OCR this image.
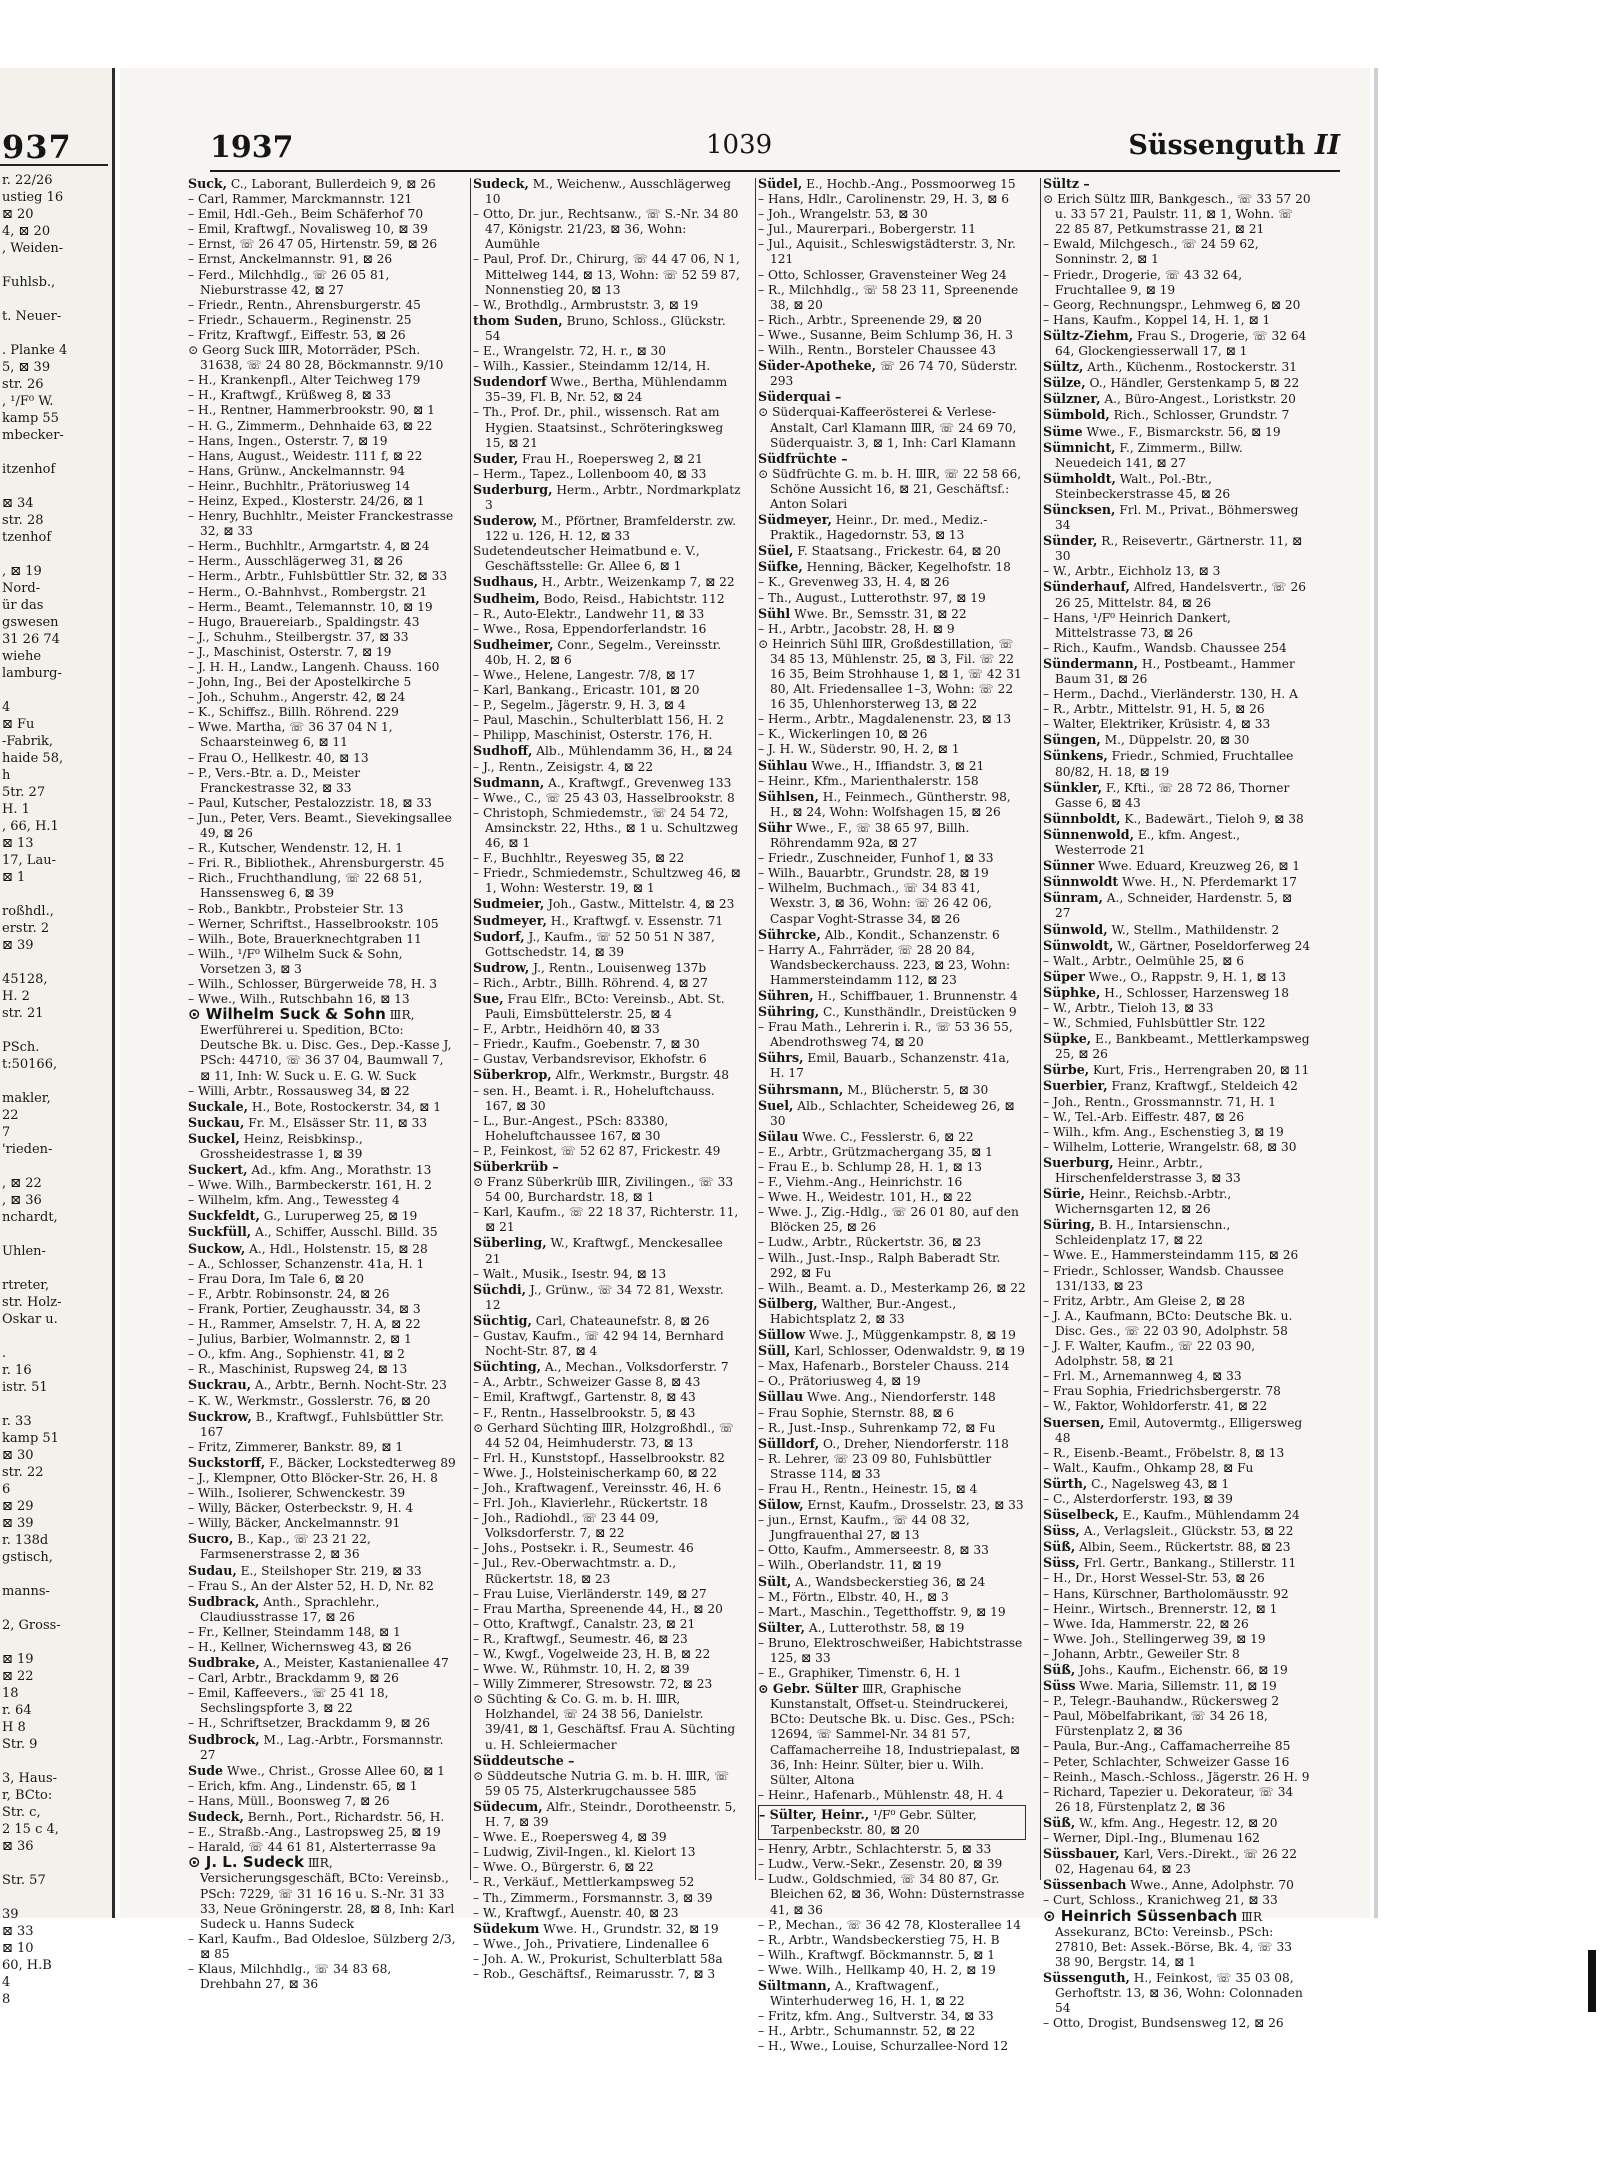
937
r. 22/26
ustieg 16
⊠ 20
4, ⊠ 20
, Weiden-

Fuhlsb.,

t. Neuer-

. Planke 4
5, ⊠ 39
str. 26
, ¹/F⁰ W.
kamp 55
mbecker-

itzenhof

⊠ 34
str. 28
tzenhof

, ⊠ 19
Nord-
ür das
gswesen
31 26 74
wiehe
lamburg-

4
⊠ Fu
-Fabrik,
haide 58,
h
5tr. 27
H. 1
, 66, H.1
⊠ 13
17, Lau-
⊠ 1

roßhdl.,
erstr. 2
⊠ 39

45128,
H. 2
str. 21

PSch.
t:50166,

makler,
22
7
'rieden-

, ⊠ 22
, ⊠ 36
nchardt,

Uhlen-

rtreter,
str. Holz-
Oskar u.

.
r. 16
istr. 51

r. 33
kamp 51
⊠ 30
str. 22
6
⊠ 29
⊠ 39
r. 138d
gstisch,

manns-

2, Gross-

⊠ 19
⊠ 22
18
r. 64
H 8
Str. 9

3, Haus-
r, BCto:
Str. c,
2 15 c 4,
⊠ 36

Str. 57

39
⊠ 33
⊠ 10
60, H.B
4
8
1937	1039	Süssenguth II

Suck, C., Laborant, Bullerdeich 9, ⊠ 26

– Carl, Rammer, Marckmannstr. 121

– Emil, Hdl.-Geh., Beim Schäferhof 70

– Emil, Kraftwgf., Novalisweg 10, ⊠ 39

– Ernst, ☏ 26 47 05, Hirtenstr. 59, ⊠ 26

– Ernst, Anckelmannstr. 91, ⊠ 26

– Ferd., Milchhdlg., ☏ 26 05 81, Nieburstrasse 42, ⊠ 27

– Friedr., Rentn., Ahrensburgerstr. 45

– Friedr., Schauerm., Reginenstr. 25

– Fritz, Kraftwgf., Eiffestr. 53, ⊠ 26

⊙ Georg Suck ⅢR, Motorräder, PSch. 31638, ☏ 24 80 28, Böckmannstr. 9/10

– H., Krankenpfl., Alter Teichweg 179

– H., Kraftwgf., Krüßweg 8, ⊠ 33

– H., Rentner, Hammerbrookstr. 90, ⊠ 1

– H. G., Zimmerm., Dehnhaide 63, ⊠ 22

– Hans, Ingen., Osterstr. 7, ⊠ 19

– Hans, August., Weidestr. 111 f, ⊠ 22

– Hans, Grünw., Anckelmannstr. 94

– Heinr., Buchhltr., Prätoriusweg 14

– Heinz, Exped., Klosterstr. 24/26, ⊠ 1

– Henry, Buchhltr., Meister Franckestrasse 32, ⊠ 33

– Herm., Buchhltr., Armgartstr. 4, ⊠ 24

– Herm., Ausschlägerweg 31, ⊠ 26

– Herm., Arbtr., Fuhlsbüttler Str. 32, ⊠ 33

– Herm., O.-Bahnhvst., Rombergstr. 21

– Herm., Beamt., Telemannstr. 10, ⊠ 19

– Hugo, Brauereiarb., Spaldingstr. 43

– J., Schuhm., Steilbergstr. 37, ⊠ 33

– J., Maschinist, Osterstr. 7, ⊠ 19

– J. H. H., Landw., Langenh. Chauss. 160

– John, Ing., Bei der Apostelkirche 5

– Joh., Schuhm., Angerstr. 42, ⊠ 24

– K., Schiffsz., Billh. Röhrend. 229

– Wwe. Martha, ☏ 36 37 04 N 1, Schaarsteinweg 6, ⊠ 11

– Frau O., Hellkestr. 40, ⊠ 13

– P., Vers.-Btr. a. D., Meister Franckestrasse 32, ⊠ 33

– Paul, Kutscher, Pestalozzistr. 18, ⊠ 33

– Jun., Peter, Vers. Beamt., Sievekingsallee 49, ⊠ 26

– R., Kutscher, Wendenstr. 12, H. 1

– Fri. R., Bibliothek., Ahrensburgerstr. 45

– Rich., Fruchthandlung, ☏ 22 68 51, Hanssensweg 6, ⊠ 39

– Rob., Bankbtr., Probsteier Str. 13

– Werner, Schriftst., Hasselbrookstr. 105

– Wilh., Bote, Brauerknechtgraben 11

– Wilh., ¹/F⁰ Wilhelm Suck & Sohn, Vorsetzen 3, ⊠ 3

– Wilh., Schlosser, Bürgerweide 78, H. 3

– Wwe., Wilh., Rutschbahn 16, ⊠ 13

⊙ Wilhelm Suck & Sohn ⅢR, Ewerführerei u. Spedition, BCto: Deutsche Bk. u. Disc. Ges., Dep.-Kasse J, PSch: 44710, ☏ 36 37 04, Baumwall 7, ⊠ 11, Inh: W. Suck u. E. G. W. Suck

– Willi, Arbtr., Rossausweg 34, ⊠ 22

Suckale, H., Bote, Rostockerstr. 34, ⊠ 1

Suckau, Fr. M., Elsässer Str. 11, ⊠ 33

Suckel, Heinz, Reisbkinsp., Grossheidestrasse 1, ⊠ 39

Suckert, Ad., kfm. Ang., Morathstr. 13

– Wwe. Wilh., Barmbeckerstr. 161, H. 2

– Wilhelm, kfm. Ang., Tewessteg 4

Suckfeldt, G., Luruperweg 25, ⊠ 19

Suckfüll, A., Schiffer, Ausschl. Billd. 35

Suckow, A., Hdl., Holstenstr. 15, ⊠ 28

– A., Schlosser, Schanzenstr. 41a, H. 1

– Frau Dora, Im Tale 6, ⊠ 20

– F., Arbtr. Robinsonstr. 24, ⊠ 26

– Frank, Portier, Zeughausstr. 34, ⊠ 3

– H., Rammer, Amselstr. 7, H. A, ⊠ 22

– Julius, Barbier, Wolmannstr. 2, ⊠ 1

– O., kfm. Ang., Sophienstr. 41, ⊠ 2

– R., Maschinist, Rupsweg 24, ⊠ 13

Suckrau, A., Arbtr., Bernh. Nocht-Str. 23

– K. W., Werkmstr., Gosslerstr. 76, ⊠ 20

Suckrow, B., Kraftwgf., Fuhlsbüttler Str. 167

– Fritz, Zimmerer, Bankstr. 89, ⊠ 1

Suckstorff, F., Bäcker, Lockstedterweg 89

– J., Klempner, Otto Blöcker-Str. 26, H. 8

– Wilh., Isolierer, Schwenckestr. 39

– Willy, Bäcker, Osterbeckstr. 9, H. 4

– Willy, Bäcker, Anckelmannstr. 91

Sucro, B., Kap., ☏ 23 21 22, Farmsenerstrasse 2, ⊠ 36

Sudau, E., Steilshoper Str. 219, ⊠ 33

– Frau S., An der Alster 52, H. D, Nr. 82

Sudbrack, Anth., Sprachlehr., Claudiusstrasse 17, ⊠ 26

– Fr., Kellner, Steindamm 148, ⊠ 1

– H., Kellner, Wichernsweg 43, ⊠ 26

Sudbrake, A., Meister, Kastanienallee 47

– Carl, Arbtr., Brackdamm 9, ⊠ 26

– Emil, Kaffeevers., ☏ 25 41 18, Sechslingspforte 3, ⊠ 22

– H., Schriftsetzer, Brackdamm 9, ⊠ 26

Sudbrock, M., Lag.-Arbtr., Forsmannstr. 27

Sude Wwe., Christ., Grosse Allee 60, ⊠ 1

– Erich, kfm. Ang., Lindenstr. 65, ⊠ 1

– Hans, Müll., Boonsweg 7, ⊠ 26

Sudeck, Bernh., Port., Richardstr. 56, H.

– E., Straßb.-Ang., Lastropsweg 25, ⊠ 19

– Harald, ☏ 44 61 81, Alsterterrasse 9a

⊙ J. L. Sudeck ⅢR, Versicherungsgeschäft, BCto: Vereinsb., PSch: 7229, ☏ 31 16 16 u. S.-Nr. 31 33 33, Neue Gröningerstr. 28, ⊠ 8, Inh: Karl Sudeck u. Hanns Sudeck

– Karl, Kaufm., Bad Oldesloe, Sülzberg 2/3, ⊠ 85

– Klaus, Milchhdlg., ☏ 34 83 68, Drehbahn 27, ⊠ 36

Sudeck, M., Weichenw., Ausschlägerweg 10

– Otto, Dr. jur., Rechtsanw., ☏ S.-Nr. 34 80 47, Königstr. 21/23, ⊠ 36, Wohn: Aumühle

– Paul, Prof. Dr., Chirurg, ☏ 44 47 06, N 1, Mittelweg 144, ⊠ 13, Wohn: ☏ 52 59 87, Nonnenstieg 20, ⊠ 13

– W., Brothdlg., Armbruststr. 3, ⊠ 19

thom Suden, Bruno, Schloss., Glückstr. 54

– E., Wrangelstr. 72, H. r., ⊠ 30

– Wilh., Kassier., Steindamm 12/14, H.

Sudendorf Wwe., Bertha, Mühlendamm 35–39, Fl. B, Nr. 52, ⊠ 24

– Th., Prof. Dr., phil., wissensch. Rat am Hygien. Staatsinst., Schröteringksweg 15, ⊠ 21

Suder, Frau H., Roepersweg 2, ⊠ 21

– Herm., Tapez., Lollenboom 40, ⊠ 33

Suderburg, Herm., Arbtr., Nordmarkplatz 3

Suderow, M., Pförtner, Bramfelderstr. zw. 122 u. 126, H. 12, ⊠ 33

Sudetendeutscher Heimatbund e. V., Geschäftsstelle: Gr. Allee 6, ⊠ 1

Sudhaus, H., Arbtr., Weizenkamp 7, ⊠ 22

Sudheim, Bodo, Reisd., Habichtstr. 112

– R., Auto-Elektr., Landwehr 11, ⊠ 33

– Wwe., Rosa, Eppendorferlandstr. 16

Sudheimer, Conr., Segelm., Vereinsstr. 40b, H. 2, ⊠ 6

– Wwe., Helene, Langestr. 7/8, ⊠ 17

– Karl, Bankang., Ericastr. 101, ⊠ 20

– P., Segelm., Jägerstr. 9, H. 3, ⊠ 4

– Paul, Maschin., Schulterblatt 156, H. 2

– Philipp, Maschinist, Osterstr. 176, H.

Sudhoff, Alb., Mühlendamm 36, H., ⊠ 24

– J., Rentn., Zeisigstr. 4, ⊠ 22

Sudmann, A., Kraftwgf., Grevenweg 133

– Wwe., C., ☏ 25 43 03, Hasselbrookstr. 8

– Christoph, Schmiedemstr., ☏ 24 54 72, Amsinckstr. 22, Hths., ⊠ 1 u. Schultzweg 46, ⊠ 1

– F., Buchhltr., Reyesweg 35, ⊠ 22

– Friedr., Schmiedemstr., Schultzweg 46, ⊠ 1, Wohn: Westerstr. 19, ⊠ 1

Sudmeier, Joh., Gastw., Mittelstr. 4, ⊠ 23

Sudmeyer, H., Kraftwgf. v. Essenstr. 71

Sudorf, J., Kaufm., ☏ 52 50 51 N 387, Gottschedstr. 14, ⊠ 39

Sudrow, J., Rentn., Louisenweg 137b

– Rich., Arbtr., Billh. Röhrend. 4, ⊠ 27

Sue, Frau Elfr., BCto: Vereinsb., Abt. St. Pauli, Eimsbüttelerstr. 25, ⊠ 4

– F., Arbtr., Heidhörn 40, ⊠ 33

– Friedr., Kaufm., Goebenstr. 7, ⊠ 30

– Gustav, Verbandsrevisor, Ekhofstr. 6

Süberkrop, Alfr., Werkmstr., Burgstr. 48

– sen. H., Beamt. i. R., Hoheluftchauss. 167, ⊠ 30

– L., Bur.-Angest., PSch: 83380, Hoheluftchaussee 167, ⊠ 30

– P., Feinkost, ☏ 52 62 87, Frickestr. 49

Süberkrüb –

⊙ Franz Süberkrüb ⅢR, Zivilingen., ☏ 33 54 00, Burchardstr. 18, ⊠ 1

– Karl, Kaufm., ☏ 22 18 37, Richterstr. 11, ⊠ 21

Süberling, W., Kraftwgf., Menckesallee 21

– Walt., Musik., Isestr. 94, ⊠ 13

Süchdi, J., Grünw., ☏ 34 72 81, Wexstr. 12

Süchtig, Carl, Chateaunefstr. 8, ⊠ 26

– Gustav, Kaufm., ☏ 42 94 14, Bernhard Nocht-Str. 87, ⊠ 4

Süchting, A., Mechan., Volksdorferstr. 7

– A., Arbtr., Schweizer Gasse 8, ⊠ 43

– Emil, Kraftwgf., Gartenstr. 8, ⊠ 43

– F., Rentn., Hasselbrookstr. 5, ⊠ 43

⊙ Gerhard Süchting ⅢR, Holzgroßhdl., ☏ 44 52 04, Heimhuderstr. 73, ⊠ 13

– Frl. H., Kunststopf., Hasselbrookstr. 82

– Wwe. J., Holsteinischerkamp 60, ⊠ 22

– Joh., Kraftwagenf., Vereinsstr. 46, H. 6

– Frl. Joh., Klavierlehr., Rückertstr. 18

– Joh., Radiohdl., ☏ 23 44 09, Volksdorferstr. 7, ⊠ 22

– Johs., Postsekr. i. R., Seumestr. 46

– Jul., Rev.-Oberwachtmstr. a. D., Rückertstr. 18, ⊠ 23

– Frau Luise, Vierländerstr. 149, ⊠ 27

– Frau Martha, Spreenende 44, H., ⊠ 20

– Otto, Kraftwgf., Canalstr. 23, ⊠ 21

– R., Kraftwgf., Seumestr. 46, ⊠ 23

– W., Kwgf., Vogelweide 23, H. B, ⊠ 22

– Wwe. W., Rühmstr. 10, H. 2, ⊠ 39

– Willy Zimmerer, Stresowstr. 72, ⊠ 23

⊙ Süchting & Co. G. m. b. H. ⅢR, Holzhandel, ☏ 24 38 56, Danielstr. 39/41, ⊠ 1, Geschäftsf. Frau A. Süchting u. H. Schleiermacher

Süddeutsche –

⊙ Süddeutsche Nutria G. m. b. H. ⅢR, ☏ 59 05 75, Alsterkrugchaussee 585

Südecum, Alfr., Steindr., Dorotheenstr. 5, H. 7, ⊠ 39

– Wwe. E., Roepersweg 4, ⊠ 39

– Ludwig, Zivil-Ingen., kl. Kielort 13

– Wwe. O., Bürgerstr. 6, ⊠ 22

– R., Verkäuf., Mettlerkampsweg 52

– Th., Zimmerm., Forsmannstr. 3, ⊠ 39

– W., Kraftwgf., Auenstr. 40, ⊠ 23

Südekum Wwe. H., Grundstr. 32, ⊠ 19

– Wwe., Joh., Privatiere, Lindenallee 6

– Joh. A. W., Prokurist, Schulterblatt 58a

– Rob., Geschäftsf., Reimarusstr. 7, ⊠ 3

Südel, E., Hochb.-Ang., Possmoorweg 15

– Hans, Hdlr., Carolinenstr. 29, H. 3, ⊠ 6

– Joh., Wrangelstr. 53, ⊠ 30

– Jul., Maurerpari., Bobergerstr. 11

– Jul., Aquisit., Schleswigstädterstr. 3, Nr. 121

– Otto, Schlosser, Gravensteiner Weg 24

– R., Milchhdlg., ☏ 58 23 11, Spreenende 38, ⊠ 20

– Rich., Arbtr., Spreenende 29, ⊠ 20

– Wwe., Susanne, Beim Schlump 36, H. 3

– Wilh., Rentn., Borsteler Chaussee 43

Süder-Apotheke, ☏ 26 74 70, Süderstr. 293

Süderquai –

⊙ Süderquai-Kaffeerösterei & Verlese-Anstalt, Carl Klamann ⅢR, ☏ 24 69 70, Süderquaistr. 3, ⊠ 1, Inh: Carl Klamann

Südfrüchte –

⊙ Südfrüchte G. m. b. H. ⅢR, ☏ 22 58 66, Schöne Aussicht 16, ⊠ 21, Geschäftsf.: Anton Solari

Südmeyer, Heinr., Dr. med., Mediz.-Praktik., Hagedornstr. 53, ⊠ 13

Süel, F. Staatsang., Frickestr. 64, ⊠ 20

Süfke, Henning, Bäcker, Kegelhofstr. 18

– K., Grevenweg 33, H. 4, ⊠ 26

– Th., August., Lutterothstr. 97, ⊠ 19

Sühl Wwe. Br., Semsstr. 31, ⊠ 22

– H., Arbtr., Jacobstr. 28, H. ⊠ 9

⊙ Heinrich Sühl ⅢR, Großdestillation, ☏ 34 85 13, Mühlenstr. 25, ⊠ 3, Fil. ☏ 22 16 35, Beim Strohhause 1, ⊠ 1, ☏ 42 31 80, Alt. Friedensallee 1–3, Wohn: ☏ 22 16 35, Uhlenhorsterweg 13, ⊠ 22

– Herm., Arbtr., Magdalenenstr. 23, ⊠ 13

– K., Wickerlingen 10, ⊠ 26

– J. H. W., Süderstr. 90, H. 2, ⊠ 1

Sühlau Wwe., H., Iffiandstr. 3, ⊠ 21

– Heinr., Kfm., Marienthalerstr. 158

Sühlsen, H., Feinmech., Güntherstr. 98, H., ⊠ 24, Wohn: Wolfshagen 15, ⊠ 26

Sühr Wwe., F., ☏ 38 65 97, Billh. Röhrendamm 92a, ⊠ 27

– Friedr., Zuschneider, Funhof 1, ⊠ 33

– Wilh., Bauarbtr., Grundstr. 28, ⊠ 19

– Wilhelm, Buchmach., ☏ 34 83 41, Wexstr. 3, ⊠ 36, Wohn: ☏ 26 42 06, Caspar Voght-Strasse 34, ⊠ 26

Sührcke, Alb., Kondit., Schanzenstr. 6

– Harry A., Fahrräder, ☏ 28 20 84, Wandsbeckerchauss. 223, ⊠ 23, Wohn: Hammersteindamm 112, ⊠ 23

Sühren, H., Schiffbauer, 1. Brunnenstr. 4

Sühring, C., Kunsthändlr., Dreistücken 9

– Frau Math., Lehrerin i. R., ☏ 53 36 55, Abendrothsweg 74, ⊠ 20

Sührs, Emil, Bauarb., Schanzenstr. 41a, H. 17

Sührsmann, M., Blücherstr. 5, ⊠ 30

Suel, Alb., Schlachter, Scheideweg 26, ⊠ 30

Sülau Wwe. C., Fesslerstr. 6, ⊠ 22

– E., Arbtr., Grützmachergang 35, ⊠ 1

– Frau E., b. Schlump 28, H. 1, ⊠ 13

– F., Viehm.-Ang., Heinrichstr. 16

– Wwe. H., Weidestr. 101, H., ⊠ 22

– Wwe. J., Zig.-Hdlg., ☏ 26 01 80, auf den Blöcken 25, ⊠ 26

– Ludw., Arbtr., Rückertstr. 36, ⊠ 23

– Wilh., Just.-Insp., Ralph Baberadt Str. 292, ⊠ Fu

– Wilh., Beamt. a. D., Mesterkamp 26, ⊠ 22

Sülberg, Walther, Bur.-Angest., Habichtsplatz 2, ⊠ 33

Süllow Wwe. J., Müggenkampstr. 8, ⊠ 19

Süll, Karl, Schlosser, Odenwaldstr. 9, ⊠ 19

– Max, Hafenarb., Borsteler Chauss. 214

– O., Prätoriusweg 4, ⊠ 19

Süllau Wwe. Ang., Niendorferstr. 148

– Frau Sophie, Sternstr. 88, ⊠ 6

– R., Just.-Insp., Suhrenkamp 72, ⊠ Fu

Sülldorf, O., Dreher, Niendorferstr. 118

– R. Lehrer, ☏ 23 09 80, Fuhlsbüttler Strasse 114, ⊠ 33

– Frau H., Rentn., Heinestr. 15, ⊠ 4

Sülow, Ernst, Kaufm., Drosselstr. 23, ⊠ 33

– jun., Ernst, Kaufm., ☏ 44 08 32, Jungfrauenthal 27, ⊠ 13

– Otto, Kaufm., Ammerseestr. 8, ⊠ 33

– Wilh., Oberlandstr. 11, ⊠ 19

Sült, A., Wandsbeckerstieg 36, ⊠ 24

– M., Förtn., Elbstr. 40, H., ⊠ 3

– Mart., Maschin., Tegetthoffstr. 9, ⊠ 19

Sülter, A., Lutterothstr. 58, ⊠ 19

– Bruno, Elektroschweißer, Habichtstrasse 125, ⊠ 33

– E., Graphiker, Timenstr. 6, H. 1

⊙ Gebr. Sülter ⅢR, Graphische Kunstanstalt, Offset-u. Steindruckerei, BCto: Deutsche Bk. u. Disc. Ges., PSch: 12694, ☏ Sammel-Nr. 34 81 57, Caffamacherreihe 18, Industriepalast, ⊠ 36, Inh: Heinr. Sülter, bier u. Wilh. Sülter, Altona

– Heinr., Hafenarb., Mühlenstr. 48, H. 4

– Sülter, Heinr., ¹/F⁰ Gebr. Sülter, Tarpenbeckstr. 80, ⊠ 20

– Henry, Arbtr., Schlachterstr. 5, ⊠ 33

– Ludw., Verw.-Sekr., Zesenstr. 20, ⊠ 39

– Ludw., Goldschmied, ☏ 34 80 87, Gr. Bleichen 62, ⊠ 36, Wohn: Düsternstrasse 41, ⊠ 36

– P., Mechan., ☏ 36 42 78, Klosterallee 14

– R., Arbtr., Wandsbeckerstieg 75, H. B

– Wilh., Kraftwgf. Böckmannstr. 5, ⊠ 1

– Wwe. Wilh., Hellkamp 40, H. 2, ⊠ 19

Sültmann, A., Kraftwagenf., Winterhuderweg 16, H. 1, ⊠ 22

– Fritz, kfm. Ang., Sultverstr. 34, ⊠ 33

– H., Arbtr., Schumannstr. 52, ⊠ 22

– H., Wwe., Louise, Schurzallee-Nord 12

Sültz –

⊙ Erich Sültz ⅢR, Bankgesch., ☏ 33 57 20 u. 33 57 21, Paulstr. 11, ⊠ 1, Wohn. ☏ 22 85 87, Petkumstrasse 21, ⊠ 21

– Ewald, Milchgesch., ☏ 24 59 62, Sonninstr. 2, ⊠ 1

– Friedr., Drogerie, ☏ 43 32 64, Fruchtallee 9, ⊠ 19

– Georg, Rechnungspr., Lehmweg 6, ⊠ 20

– Hans, Kaufm., Koppel 14, H. 1, ⊠ 1

Sültz-Ziehm, Frau S., Drogerie, ☏ 32 64 64, Glockengiesserwall 17, ⊠ 1

Sültz, Arth., Küchenm., Rostockerstr. 31

Sülze, O., Händler, Gerstenkamp 5, ⊠ 22

Sülzner, A., Büro-Angest., Loristkstr. 20

Sümbold, Rich., Schlosser, Grundstr. 7

Süme Wwe., F., Bismarckstr. 56, ⊠ 19

Sümnicht, F., Zimmerm., Billw. Neuedeich 141, ⊠ 27

Sümholdt, Walt., Pol.-Btr., Steinbeckerstrasse 45, ⊠ 26

Süncksen, Frl. M., Privat., Böhmersweg 34

Sünder, R., Reisevertr., Gärtnerstr. 11, ⊠ 30

– W., Arbtr., Eichholz 13, ⊠ 3

Sünderhauf, Alfred, Handelsvertr., ☏ 26 26 25, Mittelstr. 84, ⊠ 26

– Hans, ¹/F⁰ Heinrich Dankert, Mittelstrasse 73, ⊠ 26

– Rich., Kaufm., Wandsb. Chaussee 254

Sündermann, H., Postbeamt., Hammer Baum 31, ⊠ 26

– Herm., Dachd., Vierländerstr. 130, H. A

– R., Arbtr., Mittelstr. 91, H. 5, ⊠ 26

– Walter, Elektriker, Krüsistr. 4, ⊠ 33

Süngen, M., Düppelstr. 20, ⊠ 30

Sünkens, Friedr., Schmied, Fruchtallee 80/82, H. 18, ⊠ 19

Sünkler, F., Kfti., ☏ 28 72 86, Thorner Gasse 6, ⊠ 43

Sünnboldt, K., Badewärt., Tieloh 9, ⊠ 38

Sünnenwold, E., kfm. Angest., Westerrode 21

Sünner Wwe. Eduard, Kreuzweg 26, ⊠ 1

Sünnwoldt Wwe. H., N. Pferdemarkt 17

Sünram, A., Schneider, Hardenstr. 5, ⊠ 27

Sünwold, W., Stellm., Mathildenstr. 2

Sünwoldt, W., Gärtner, Poseldorferweg 24

– Walt., Arbtr., Oelmühle 25, ⊠ 6

Süper Wwe., O., Rappstr. 9, H. 1, ⊠ 13

Süphke, H., Schlosser, Harzensweg 18

– W., Arbtr., Tieloh 13, ⊠ 33

– W., Schmied, Fuhlsbüttler Str. 122

Süpke, E., Bankbeamt., Mettlerkampsweg 25, ⊠ 26

Sürbe, Kurt, Fris., Herrengraben 20, ⊠ 11

Suerbier, Franz, Kraftwgf., Steldeich 42

– Joh., Rentn., Grossmannstr. 71, H. 1

– W., Tel.-Arb. Eiffestr. 487, ⊠ 26

– Wilh., kfm. Ang., Eschenstieg 3, ⊠ 19

– Wilhelm, Lotterie, Wrangelstr. 68, ⊠ 30

Suerburg, Heinr., Arbtr., Hirschenfelderstrasse 3, ⊠ 33

Sürie, Heinr., Reichsb.-Arbtr., Wichernsgarten 12, ⊠ 26

Süring, B. H., Intarsienschn., Schleidenplatz 17, ⊠ 22

– Wwe. E., Hammersteindamm 115, ⊠ 26

– Friedr., Schlosser, Wandsb. Chaussee 131/133, ⊠ 23

– Fritz, Arbtr., Am Gleise 2, ⊠ 28

– J. A., Kaufmann, BCto: Deutsche Bk. u. Disc. Ges., ☏ 22 03 90, Adolphstr. 58

– J. F. Walter, Kaufm., ☏ 22 03 90, Adolphstr. 58, ⊠ 21

– Frl. M., Arnemannweg 4, ⊠ 33

– Frau Sophia, Friedrichsbergerstr. 78

– W., Faktor, Wohldorferstr. 41, ⊠ 22

Suersen, Emil, Autovermtg., Elligersweg 48

– R., Eisenb.-Beamt., Fröbelstr. 8, ⊠ 13

– Walt., Kaufm., Ohkamp 28, ⊠ Fu

Sürth, C., Nagelsweg 43, ⊠ 1

– C., Alsterdorferstr. 193, ⊠ 39

Süselbeck, E., Kaufm., Mühlendamm 24

Süss, A., Verlagsleit., Glückstr. 53, ⊠ 22

Süß, Albin, Seem., Rückertstr. 88, ⊠ 23

Süss, Frl. Gertr., Bankang., Stillerstr. 11

– H., Dr., Horst Wessel-Str. 53, ⊠ 26

– Hans, Kürschner, Bartholomäusstr. 92

– Heinr., Wirtsch., Brennerstr. 12, ⊠ 1

– Wwe. Ida, Hammerstr. 22, ⊠ 26

– Wwe. Joh., Stellingerweg 39, ⊠ 19

– Johann, Arbtr., Geweiler Str. 8

Süß, Johs., Kaufm., Eichenstr. 66, ⊠ 19

Süss Wwe. Maria, Sillemstr. 11, ⊠ 19

– P., Telegr.-Bauhandw., Rückersweg 2

– Paul, Möbelfabrikant, ☏ 34 26 18, Fürstenplatz 2, ⊠ 36

– Paula, Bur.-Ang., Caffamacherreihe 85

– Peter, Schlachter, Schweizer Gasse 16

– Reinh., Masch.-Schloss., Jägerstr. 26 H. 9

– Richard, Tapezier u. Dekorateur, ☏ 34 26 18, Fürstenplatz 2, ⊠ 36

Süß, W., kfm. Ang., Hegestr. 12, ⊠ 20

– Werner, Dipl.-Ing., Blumenau 162

Süssbauer, Karl, Vers.-Direkt., ☏ 26 22 02, Hagenau 64, ⊠ 23

Süssenbach Wwe., Anne, Adolphstr. 70

– Curt, Schloss., Kranichweg 21, ⊠ 33

⊙ Heinrich Süssenbach ⅢR Assekuranz, BCto: Vereinsb., PSch: 27810, Bet: Assek.-Börse, Bk. 4, ☏ 33 38 90, Bergstr. 14, ⊠ 1

Süssenguth, H., Feinkost, ☏ 35 03 08, Gerhoftstr. 13, ⊠ 36, Wohn: Colonnaden 54

– Otto, Drogist, Bundsensweg 12, ⊠ 26
